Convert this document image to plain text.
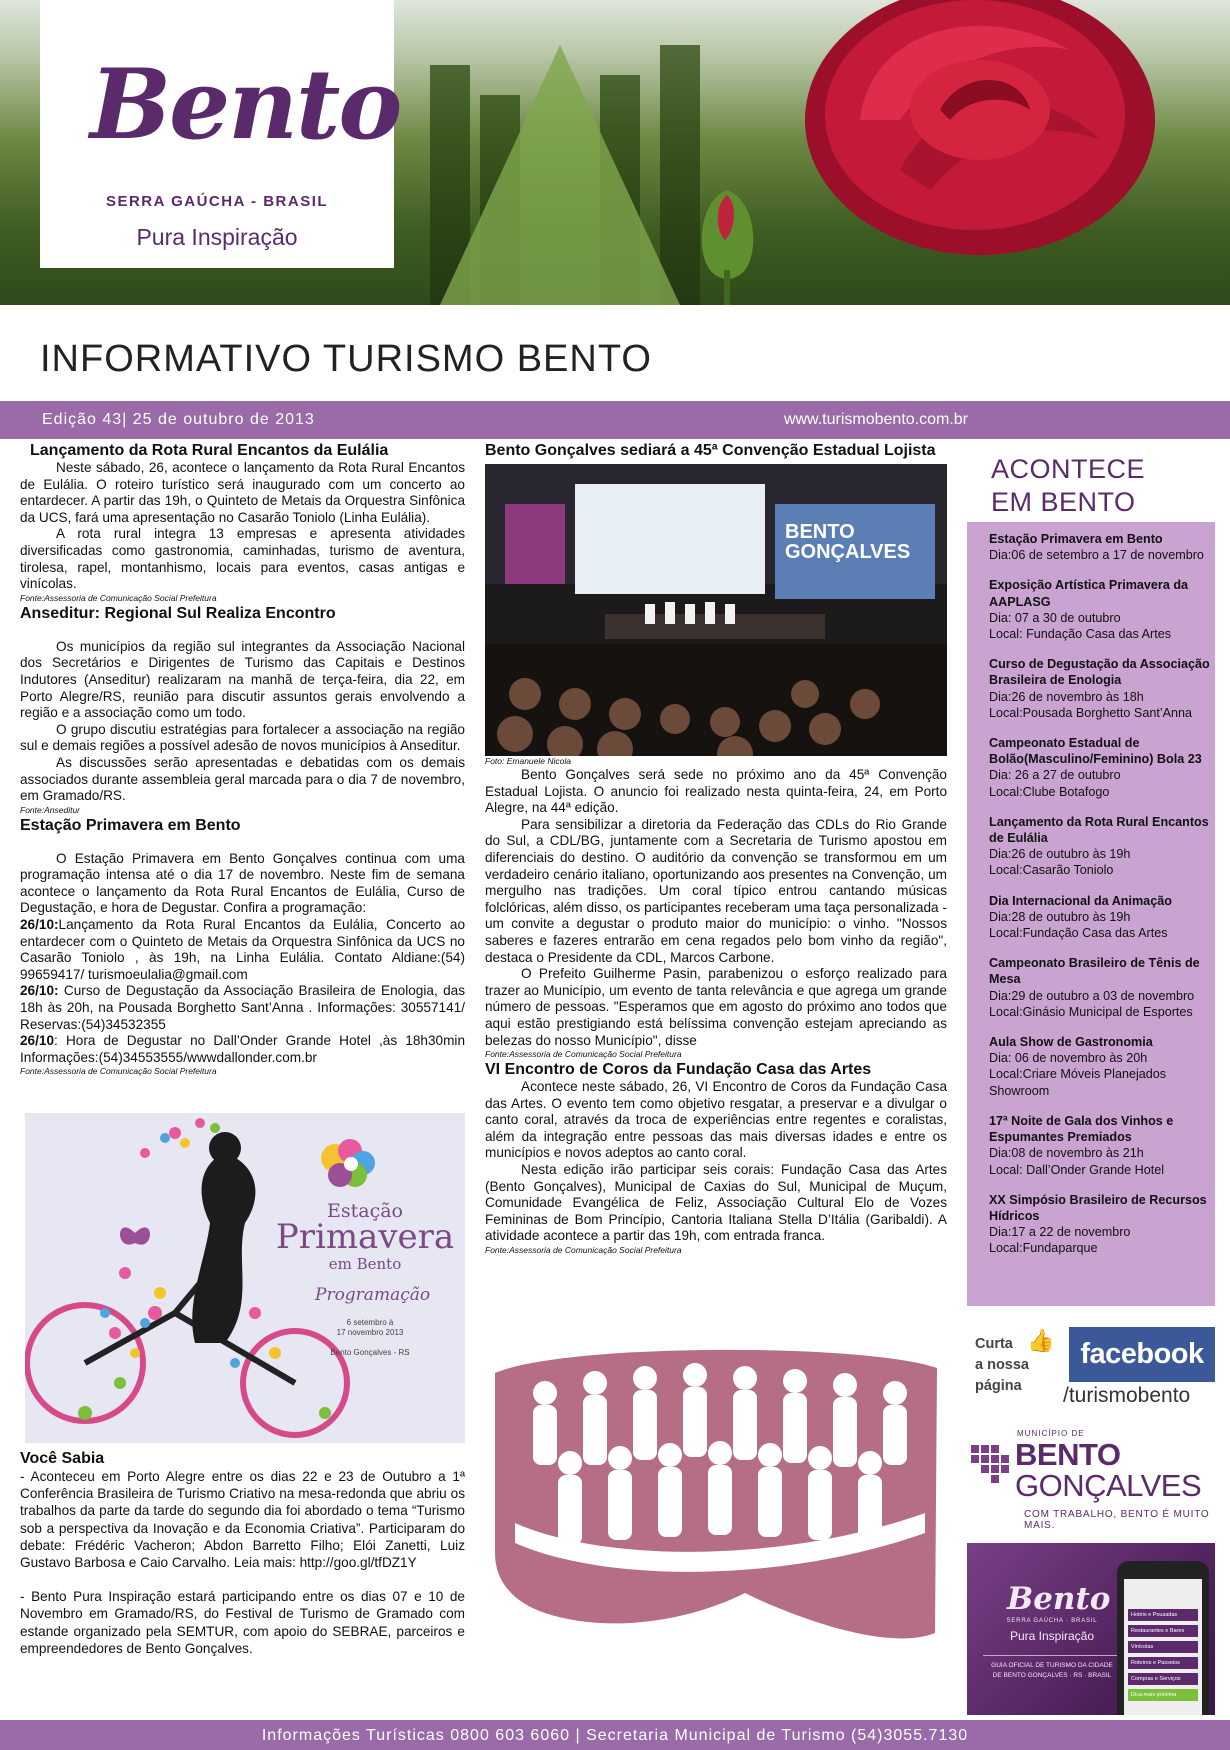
Bento
SERRA GAÚCHA - BRASIL
Pura Inspiração
INFORMATIVO TURISMO BENTO
Edição 43| 25 de outubro de 2013	www.turismobento.com.br

Lançamento da Rota Rural Encantos da Eulália

Neste sábado, 26, acontece o lançamento da Rota Rural Encantos de Eulália. O roteiro turístico será inaugurado com um concerto ao entardecer. A partir das 19h, o Quinteto de Metais da Orquestra Sinfônica da UCS, fará uma apresentação no Casarão Toniolo (Linha Eulália).

A rota rural integra 13 empresas e apresenta atividades diversificadas como gastronomia, caminhadas, turismo de aventura, tirolesa, rapel, montanhismo, locais para eventos, casas antigas e vinícolas.

Fonte:Assessoria de Comunicação Social Prefeitura

Anseditur: Regional Sul Realiza Encontro

Os municípios da região sul integrantes da Associação Nacional dos Secretários e Dirigentes de Turismo das Capitais e Destinos Indutores (Anseditur) realizaram na manhã de terça-feira, dia 22, em Porto Alegre/RS, reunião para discutir assuntos gerais envolvendo a região e a associação como um todo.

O grupo discutiu estratégias para fortalecer a associação na região sul e demais regiões a possível adesão de novos municípios à Anseditur.

As discussões serão apresentadas e debatidas com os demais associados durante assembleia geral marcada para o dia 7 de novembro, em Gramado/RS.

Fonte:Anseditur

Estação Primavera em Bento

O Estação Primavera em Bento Gonçalves continua com uma programação intensa até o dia 17 de novembro. Neste fim de semana acontece o lançamento da Rota Rural Encantos de Eulália, Curso de Degustação, e hora de Degustar. Confira a programação:

26/10:Lançamento da Rota Rural Encantos da Eulália, Concerto ao entardecer com o Quinteto de Metais da Orquestra Sinfônica da UCS no Casarão Toniolo , às 19h, na Linha Eulália. Contato Aldiane:(54) 99659417/ turismoeulalia@gmail.com

26/10: Curso de Degustação da Associação Brasileira de Enologia, das 18h às 20h, na Pousada Borghetto Sant’Anna . Informações: 30557141/ Reservas:(54)34532355

26/10: Hora de Degustar no Dall’Onder Grande Hotel ,às 18h30min Informações:(54)34553555/wwwdallonder.com.br

Fonte:Assessoria de Comunicação Social Prefeitura

Estação
Primavera
em Bento
Programação
6 setembro à
17 novembro 2013
Bento Gonçalves - RS

Você Sabia

- Aconteceu em Porto Alegre entre os dias 22 e 23 de Outubro a 1ª Conferência Brasileira de Turismo Criativo na mesa-redonda que abriu os trabalhos da parte da tarde do segundo dia foi abordado o tema “Turismo sob a perspectiva da Inovação e da Economia Criativa”. Participaram do debate: Frédéric Vacheron; Abdon Barretto Filho; Elói Zanetti, Luiz Gustavo Barbosa e Caio Carvalho. Leia mais: http://goo.gl/tfDZ1Y

- Bento Pura Inspiração estará participando entre os dias 07 e 10 de Novembro em Gramado/RS, do Festival de Turismo de Gramado com estande organizado pela SEMTUR, com apoio do SEBRAE, parceiros e empreendedores de Bento Gonçalves.

Bento Gonçalves sediará a 45ª Convenção Estadual Lojista

BENTO
GONÇALVES

Foto: Emanuele Nicola

Bento Gonçalves será sede no próximo ano da 45ª Convenção Estadual Lojista. O anuncio foi realizado nesta quinta-feira, 24, em Porto Alegre, na 44ª edição.

Para sensibilizar a diretoria da Federação das CDLs do Rio Grande do Sul, a CDL/BG, juntamente com a Secretaria de Turismo apostou em diferenciais do destino. O auditório da convenção se transformou em um verdadeiro cenário italiano, oportunizando aos presentes na Convenção, um mergulho nas tradições. Um coral típico entrou cantando músicas folclóricas, além disso, os participantes receberam uma taça personalizada - um convite a degustar o produto maior do município: o vinho. "Nossos saberes e fazeres entrarão em cena regados pelo bom vinho da região", destaca o Presidente da CDL, Marcos Carbone.

O Prefeito Guilherme Pasin, parabenizou o esforço realizado para trazer ao Município, um evento de tanta relevância e que agrega um grande número de pessoas. "Esperamos que em agosto do próximo ano todos que aqui estão prestigiando está belíssima convenção estejam apreciando as belezas do nosso Município", disse

Fonte:Assessoria de Comunicação Social Prefeitura

VI Encontro de Coros da Fundação Casa das Artes

Acontece neste sábado, 26, VI Encontro de Coros da Fundação Casa das Artes. O evento tem como objetivo resgatar, a preservar e a divulgar o canto coral, através da troca de experiências entre regentes e coralistas, além da integração entre pessoas das mais diversas idades e entre os municípios e novos adeptos ao canto coral.

Nesta edição irão participar seis corais: Fundação Casa das Artes (Bento Gonçalves), Municipal de Caxias do Sul, Municipal de Muçum, Comunidade Evangélica de Feliz, Associação Cultural Elo de Vozes Femininas de Bom Princípio, Cantoria Italiana Stella D’Itália (Garibaldi). A atividade acontece a partir das 19h, com entrada franca.

Fonte:Assessoria de Comunicação Social Prefeitura

ACONTECE
EM BENTO
Estação Primavera em Bento
Dia:06 de setembro a 17 de novembro
Exposição Artística Primavera da AAPLASG
Dia: 07 a 30 de outubro
Local: Fundação Casa das Artes
Curso de Degustação da Associação Brasileira de Enologia
Dia:26 de novembro às 18h
Local:Pousada Borghetto Sant’Anna
Campeonato Estadual de Bolão(Masculino/Feminino) Bola 23
Dia: 26 a 27 de outubro
Local:Clube Botafogo
Lançamento da Rota Rural Encantos de Eulália
Dia:26 de outubro às 19h
Local:Casarão Toniolo
Dia Internacional da Animação
Dia:28 de outubro às 19h
Local:Fundação Casa das Artes
Campeonato Brasileiro de Tênis de Mesa
Dia:29 de outubro a 03 de novembro
Local:Ginásio Municipal de Esportes
Aula Show de Gastronomia
Dia: 06 de novembro às 20h
Local:Criare Móveis Planejados Showroom
17ª Noite de Gala dos Vinhos e Espumantes Premiados
Dia:08 de novembro às 21h
Local: Dall’Onder Grande Hotel
XX Simpósio Brasileiro de Recursos Hídricos
Dia:17 a 22 de novembro
Local:Fundaparque
Curta
a nossa
página
👍 facebook
/turismobento
MUNICÍPIO DE
BENTO
GONÇALVES
COM TRABALHO, BENTO É MUITO MAIS.
Bento
SERRA GAÚCHA · BRASIL
Pura Inspiração
GUIA OFICIAL DE TURISMO DA CIDADE
DE BENTO GONÇALVES · RS · BRASIL
Hotéis e Pousadas
Restaurantes e Bares
Vinícolas
Roteiros e Passeios
Compras e Serviços
Dica mais próxima
Informações Turísticas 0800 603 6060 | Secretaria Municipal de Turismo (54)3055.7130
